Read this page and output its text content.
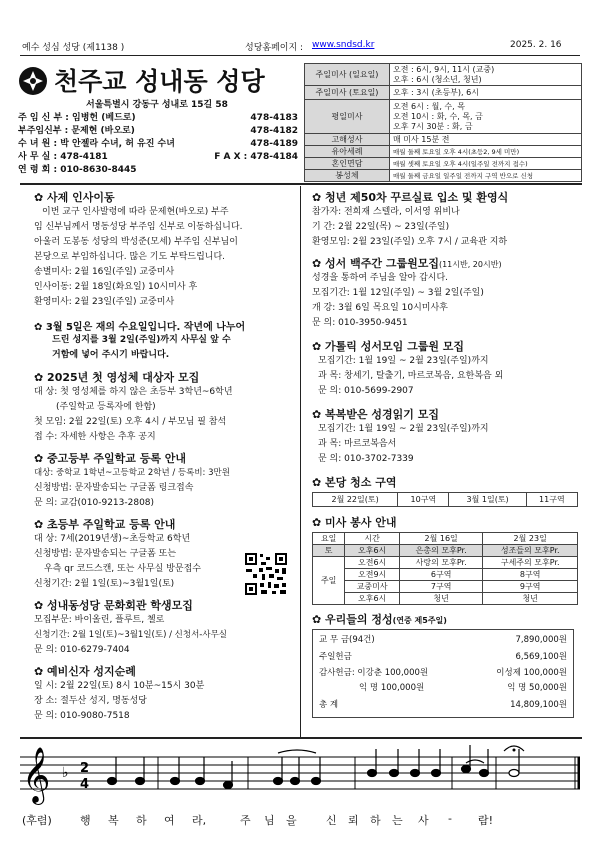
예수 성심 성당 (제1138 )	성당홈페이지 : www.sndsd.kr	2025. 2. 16
천주교 성내동 성당
서울특별시 강동구 성내로 15길 58
주 임 신 부 : 임병헌 (베드로)	478-4183
부주임신부 : 문제현 (바오로)	478-4182
수 녀 원 : 박 안젤라 수녀, 허 유진 수녀	478-4189
사 무 실 : 478-4181	F A X : 478-4184
연 령 회 : 010-8630-8445
주일미사 (일요일)	오전 : 6시, 9시, 11시 (교중)
오후 : 6시 (청소년, 청년)
주일미사 (토요일)	오후 : 3시 (초등부), 6시
평일미사	오전 6시 : 월, 수, 목
오전 10시 : 화, 수, 목, 금
오후 7시 30분 : 화, 금
고해성사	매 미사 15분 전
유아세례	매월 둘째 토요일 오후 4시(초등2, 9세 미만)
혼인면담	매월 셋째 토요일 오후 4시(일주일 전까지 접수)
봉성체	매월 둘째 금요일 일주일 전까지 구역 반으로 신청
✿ 사제 인사이동
이번 교구 인사발령에 따라 문제현(바오로) 부주
임 신부님께서 명동성당 부주임 신부로 이동하십니다.
아울러 도봉동 성당의 박성준(모세) 부주임 신부님이
본당으로 부임하십니다. 많은 기도 부탁드립니다.
송별미사: 2월 16일(주일) 교중미사
인사이동: 2월 18일(화요일) 10시미사 후
환영미사: 2월 23일(주일) 교중미사
✿ 3월 5일은 재의 수요일입니다. 작년에 나누어
드린 성지를 3월 2일(주일)까지 사무실 앞 수
거함에 넣어 주시기 바랍니다.
✿ 2025년 첫 영성체 대상자 모집
대 상: 첫 영성체를 하지 않은 초등부 3학년~6학년
(주일학교 등록자에 한함)
첫 모임: 2월 22일(토) 오후 4시 / 부모님 필 참석
접 수: 자세한 사항은 추후 공지
✿ 중고등부 주일학교 등록 안내
대상: 중학교 1학년~고등학교 2학년 / 등록비: 3만원
신청방법: 문자발송되는 구글폼 링크접속
문 의: 교감(010-9213-2808)
✿ 초등부 주일학교 등록 안내
대 상: 7세(2019년생)~초등학교 6학년
신청방법: 문자발송되는 구글폼 또는
우측 qr 코드스캔, 또는 사무실 방문접수
신청기간: 2월 1일(토)~3월1일(토)
✿ 성내동성당 문화회관 학생모집
모집부문: 바이올린, 플루트, 첼로
신청기간: 2월 1일(토)~3월1일(토) / 신청서-사무실
문 의: 010-6279-7404
✿ 예비신자 성지순례
일 시: 2월 22일(토) 8시 10분~15시 30분
장 소: 절두산 성지, 명동성당
문 의: 010-9080-7518
✿ 청년 제50차 꾸르실료 입소 및 환영식
참가자: 전희재 스텔라, 이서영 위비나
기 간: 2월 22일(목) ~ 23일(주일)
환영모임: 2월 23일(주일) 오후 7시 / 교육관 지하
✿ 성서 백주간 그룹원모집(11시반, 20시반)
성경을 통하여 주님을 알아 갑시다.
모집기간: 1월 12일(주일) ~ 3월 2일(주일)
개 강: 3월 6일 목요일 10시미사후
문 의: 010-3950-9451
✿ 가톨릭 성서모임 그룹원 모집
모집기간: 1월 19일 ~ 2월 23일(주일)까지
과 목: 창세기, 탈출기, 마르코복음, 요한복음 외
문 의: 010-5699-2907
✿ 복복받은 성경읽기 모집
모집기간: 1월 19일 ~ 2월 23일(주일)까지
과 목: 마르코복음서
문 의: 010-3702-7339
✿ 본당 청소 구역
2월 22일(토)	10구역	3월 1일(토)	11구역
✿ 미사 봉사 안내
요일	시간	2월 16일	2월 23일
토	오후6시	은총의 모후Pr.	성조들의 모후Pr.
주일	오전6시	사랑의 모후Pr.	구세주의 모후Pr.
	오전9시	6구역	8구역
	교중미사	7구역	9구역
	오후6시	청년	청년
✿ 우리들의 정성(연중 제5주일)
교 무 금(94건)	7,890,000원
주일헌금	6,569,100원
감사헌금: 이강춘 100,000원	이성제 100,000원
익 명 100,000원	익 명 50,000원
총 계	14,809,100원
𝄞 ♭ 2
4
(후렴)	행	복	하	여	라,	주	님	을	신	뢰	하	는	사	-	람!
